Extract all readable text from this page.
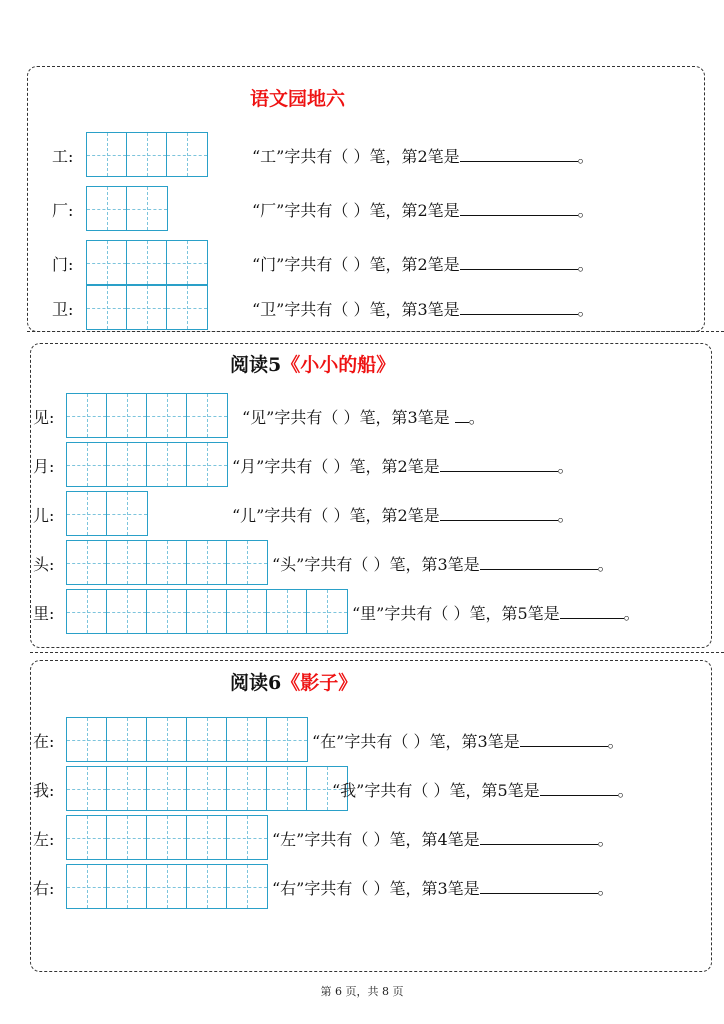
语文园地六
工:	“工”字共有（ ）笔，第2笔是	。
厂:	“厂”字共有（ ）笔，第2笔是	。
门:	“门”字共有（ ）笔，第2笔是	。
卫:	“卫”字共有（ ）笔，第3笔是	。
阅读5《小小的船》
见:	“见”字共有（ ）笔，第3笔是 。
月:	“月”字共有（ ）笔，第2笔是	。
儿:	“儿”字共有（ ）笔，第2笔是	。
头:	“头”字共有（ ）笔，第3笔是	。
里:	“里”字共有（ ）笔，第5笔是	。
阅读6《影子》
在:	“在”字共有（ ）笔，第3笔是	。
我:	“我”字共有（ ）笔，第5笔是	。
左:	“左”字共有（ ）笔，第4笔是	。
右:	“右”字共有（ ）笔，第3笔是	。
第 6 页，共 8 页
